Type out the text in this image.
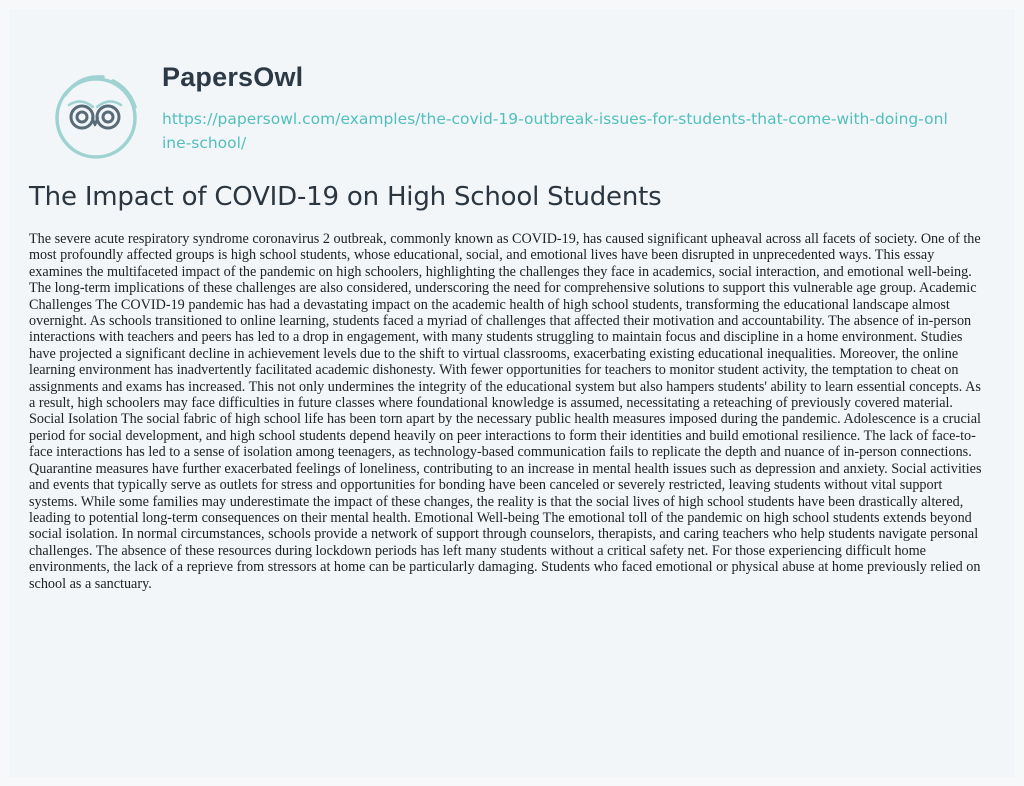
PapersOwl
https://papersowl.com/examples/the-covid-19-outbreak-issues-for-students-that-come-with-doing-online-school/
The Impact of COVID-19 on High School Students

The severe acute respiratory syndrome coronavirus 2 outbreak, commonly known as COVID-19, has caused significant upheaval across all facets of society. One of the most profoundly affected groups is high school students, whose educational, social, and emotional lives have been disrupted in unprecedented ways. This essay examines the multifaceted impact of the pandemic on high schoolers, highlighting the challenges they face in academics, social interaction, and emotional well-being. The long-term implications of these challenges are also considered, underscoring the need for comprehensive solutions to support this vulnerable age group. Academic Challenges The COVID-19 pandemic has had a devastating impact on the academic health of high school students, transforming the educational landscape almost overnight. As schools transitioned to online learning, students faced a myriad of challenges that affected their motivation and accountability. The absence of in-person interactions with teachers and peers has led to a drop in engagement, with many students struggling to maintain focus and discipline in a home environment. Studies have projected a significant decline in achievement levels due to the shift to virtual classrooms, exacerbating existing educational inequalities. Moreover, the online learning environment has inadvertently facilitated academic dishonesty. With fewer opportunities for teachers to monitor student activity, the temptation to cheat on assignments and exams has increased. This not only undermines the integrity of the educational system but also hampers students' ability to learn essential concepts. As a result, high schoolers may face difficulties in future classes where foundational knowledge is assumed, necessitating a reteaching of previously covered material. Social Isolation The social fabric of high school life has been torn apart by the necessary public health measures imposed during the pandemic. Adolescence is a crucial period for social development, and high school students depend heavily on peer interactions to form their identities and build emotional resilience. The lack of face-to-face interactions has led to a sense of isolation among teenagers, as technology-based communication fails to replicate the depth and nuance of in-person connections. Quarantine measures have further exacerbated feelings of loneliness, contributing to an increase in mental health issues such as depression and anxiety. Social activities and events that typically serve as outlets for stress and opportunities for bonding have been canceled or severely restricted, leaving students without vital support systems. While some families may underestimate the impact of these changes, the reality is that the social lives of high school students have been drastically altered, leading to potential long-term consequences on their mental health. Emotional Well-being The emotional toll of the pandemic on high school students extends beyond social isolation. In normal circumstances, schools provide a network of support through counselors, therapists, and caring teachers who help students navigate personal challenges. The absence of these resources during lockdown periods has left many students without a critical safety net. For those experiencing difficult home environments, the lack of a reprieve from stressors at home can be particularly damaging. Students who faced emotional or physical abuse at home previously relied on school as a sanctuary.
